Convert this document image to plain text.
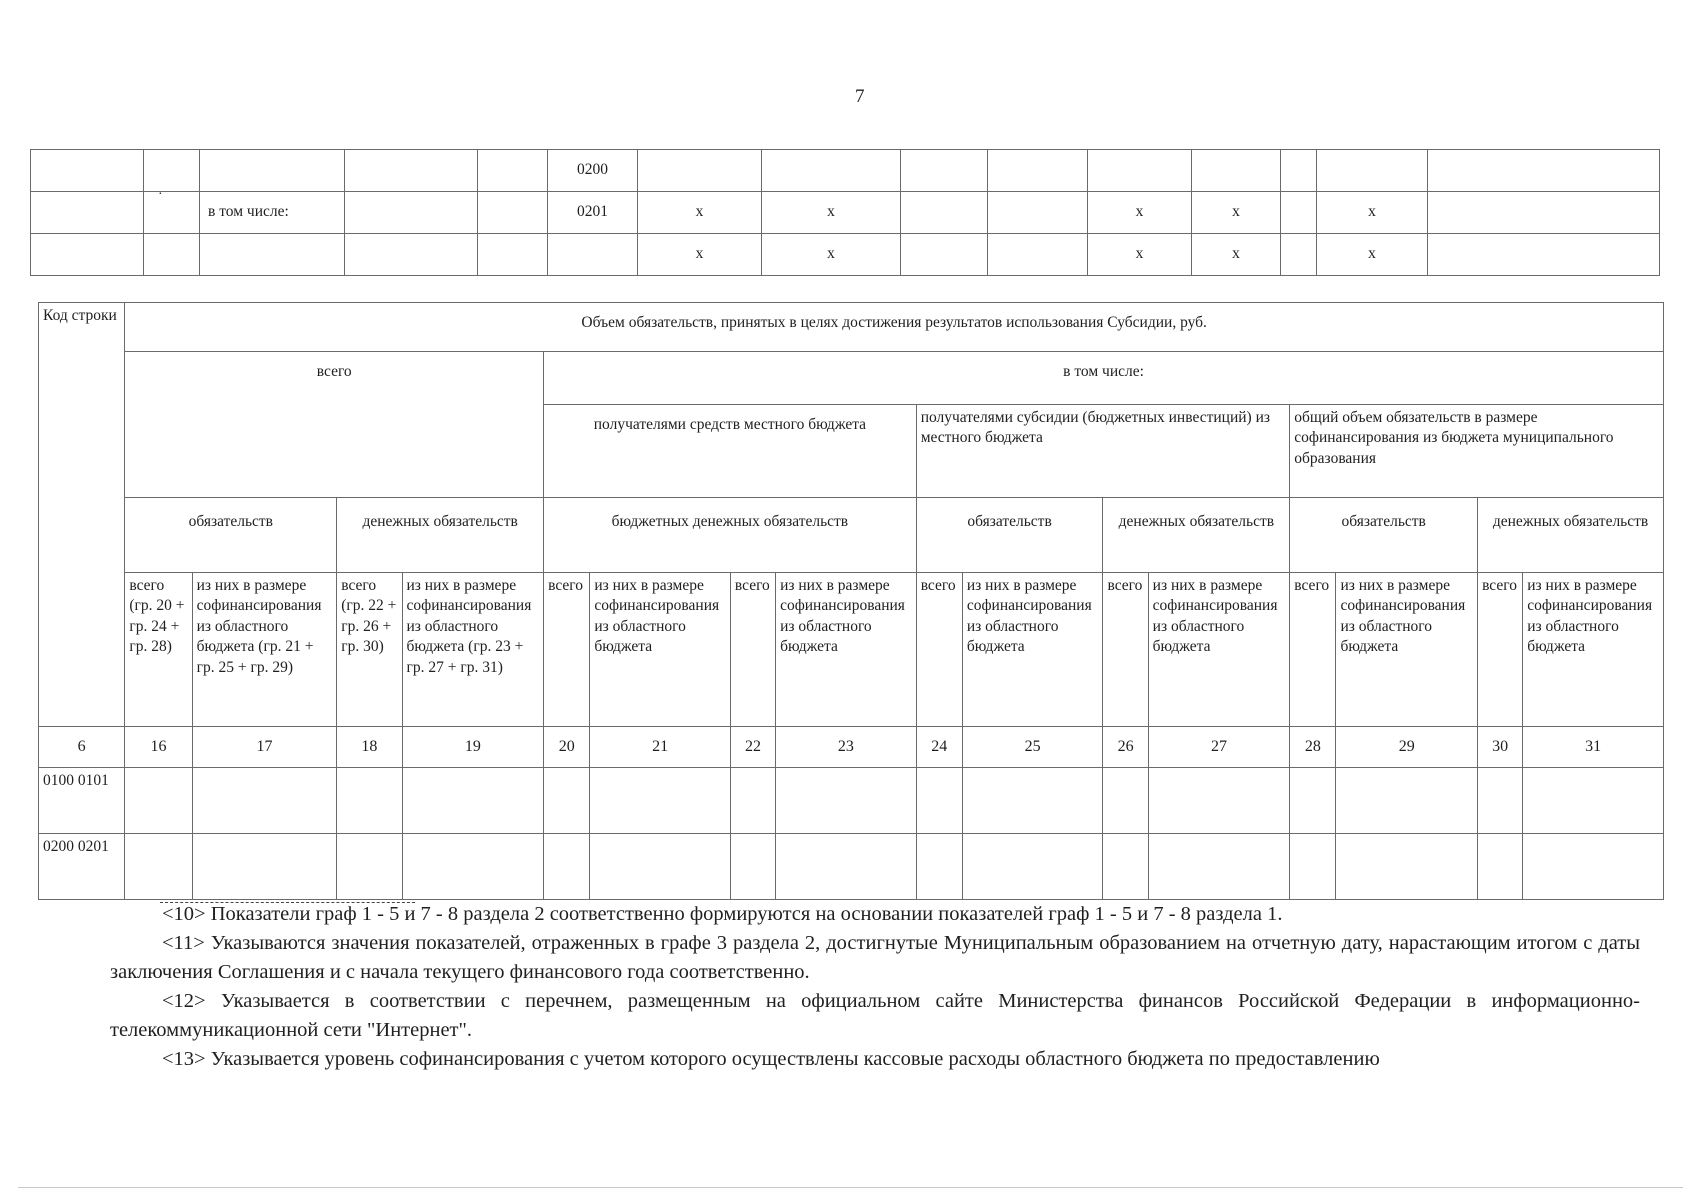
7
·
					0200									
		в том числе:			0201	x	x			x	x		x	
						x	x			x	x		x	
Код строки	Объем обязательств, принятых в целях достижения результатов использования Субсидии, руб.															
	всего				в том числе:											
					получателями средств местного бюджета				получателями субсидии (бюджетных инвестиций) из местного бюджета				общий объем обязательств в размере софинансирования из бюджета муниципального образования			
	обязательств		денежных обязательств		бюджетных денежных обязательств				обязательств		денежных обязательств		обязательств		денежных обязательств	
	всего (гр. 20 + гр. 24 + гр. 28)	из них в размере софинансирования из областного бюджета (гр. 21 + гр. 25 + гр. 29)	всего (гр. 22 + гр. 26 + гр. 30)	из них в размере софинансирования из областного бюджета (гр. 23 + гр. 27 + гр. 31)	всего	из них в размере софинансирования из областного бюджета	всего	из них в размере софинансирования из областного бюджета	всего	из них в размере софинансирования из областного бюджета	всего	из них в размере софинансирования из областного бюджета	всего	из них в размере софинансирования из областного бюджета	всего	из них в размере софинансирования из областного бюджета
6	16	17	18	19	20	21	22	23	24	25	26	27	28	29	30	31
0100 0101																
0200 0201																

<10> Показатели граф 1 - 5 и 7 - 8 раздела 2 соответственно формируются на основании показателей граф 1 - 5 и 7 - 8 раздела 1.

<11> Указываются значения показателей, отраженных в графе 3 раздела 2, достигнутые Муниципальным образованием на отчетную дату, нарастающим итогом с даты заключения Соглашения и с начала текущего финансового года соответственно.

<12> Указывается в соответствии с перечнем, размещенным на официальном сайте Министерства финансов Российской Федерации в информационно-телекоммуникационной сети "Интернет".

<13> Указывается уровень софинансирования с учетом которого осуществлены кассовые расходы областного бюджета по предоставлению
